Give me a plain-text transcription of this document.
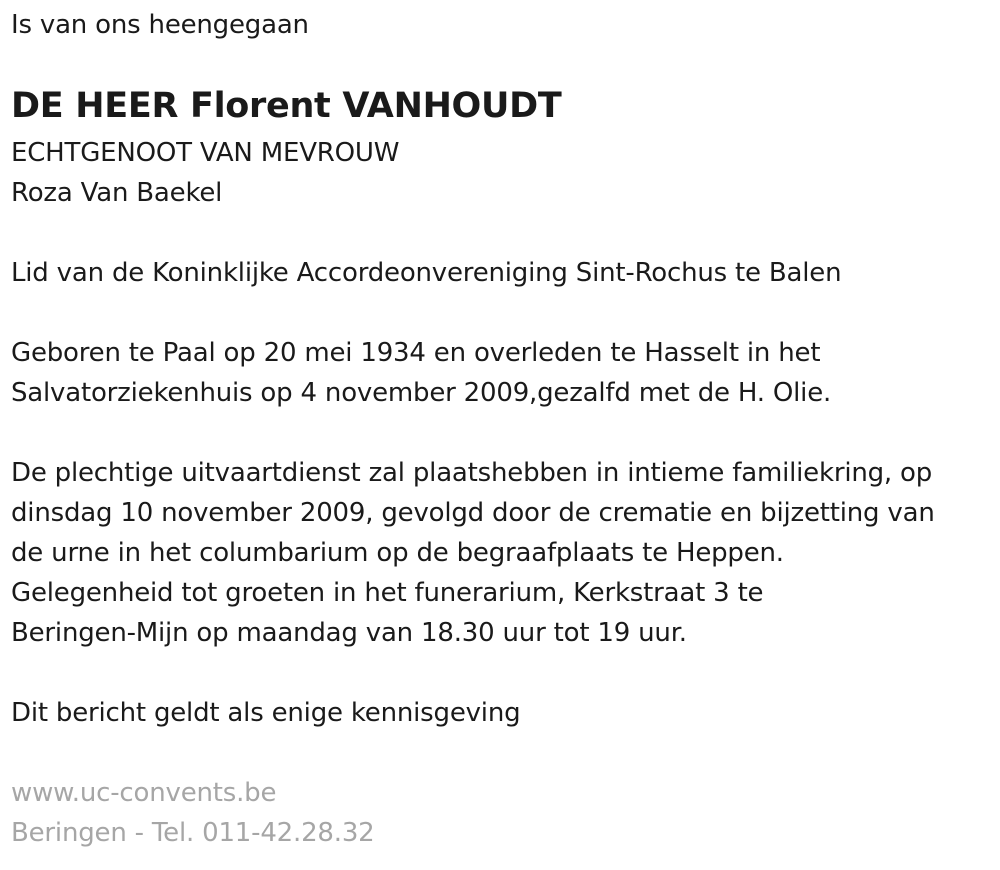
Is van ons heengegaan
DE HEER Florent VANHOUDT
ECHTGENOOT VAN MEVROUW
Roza Van Baekel
Lid van de Koninklijke Accordeonvereniging Sint-Rochus te Balen
Geboren te Paal op 20 mei 1934 en overleden te Hasselt in het
Salvatorziekenhuis op 4 november 2009,gezalfd met de H. Olie.
De plechtige uitvaartdienst zal plaatshebben in intieme familiekring, op
dinsdag 10 november 2009, gevolgd door de crematie en bijzetting van
de urne in het columbarium op de begraafplaats te Heppen.
Gelegenheid tot groeten in het funerarium, Kerkstraat 3 te
Beringen-Mijn op maandag van 18.30 uur tot 19 uur.
Dit bericht geldt als enige kennisgeving
www.uc-convents.be
Beringen - Tel. 011-42.28.32
